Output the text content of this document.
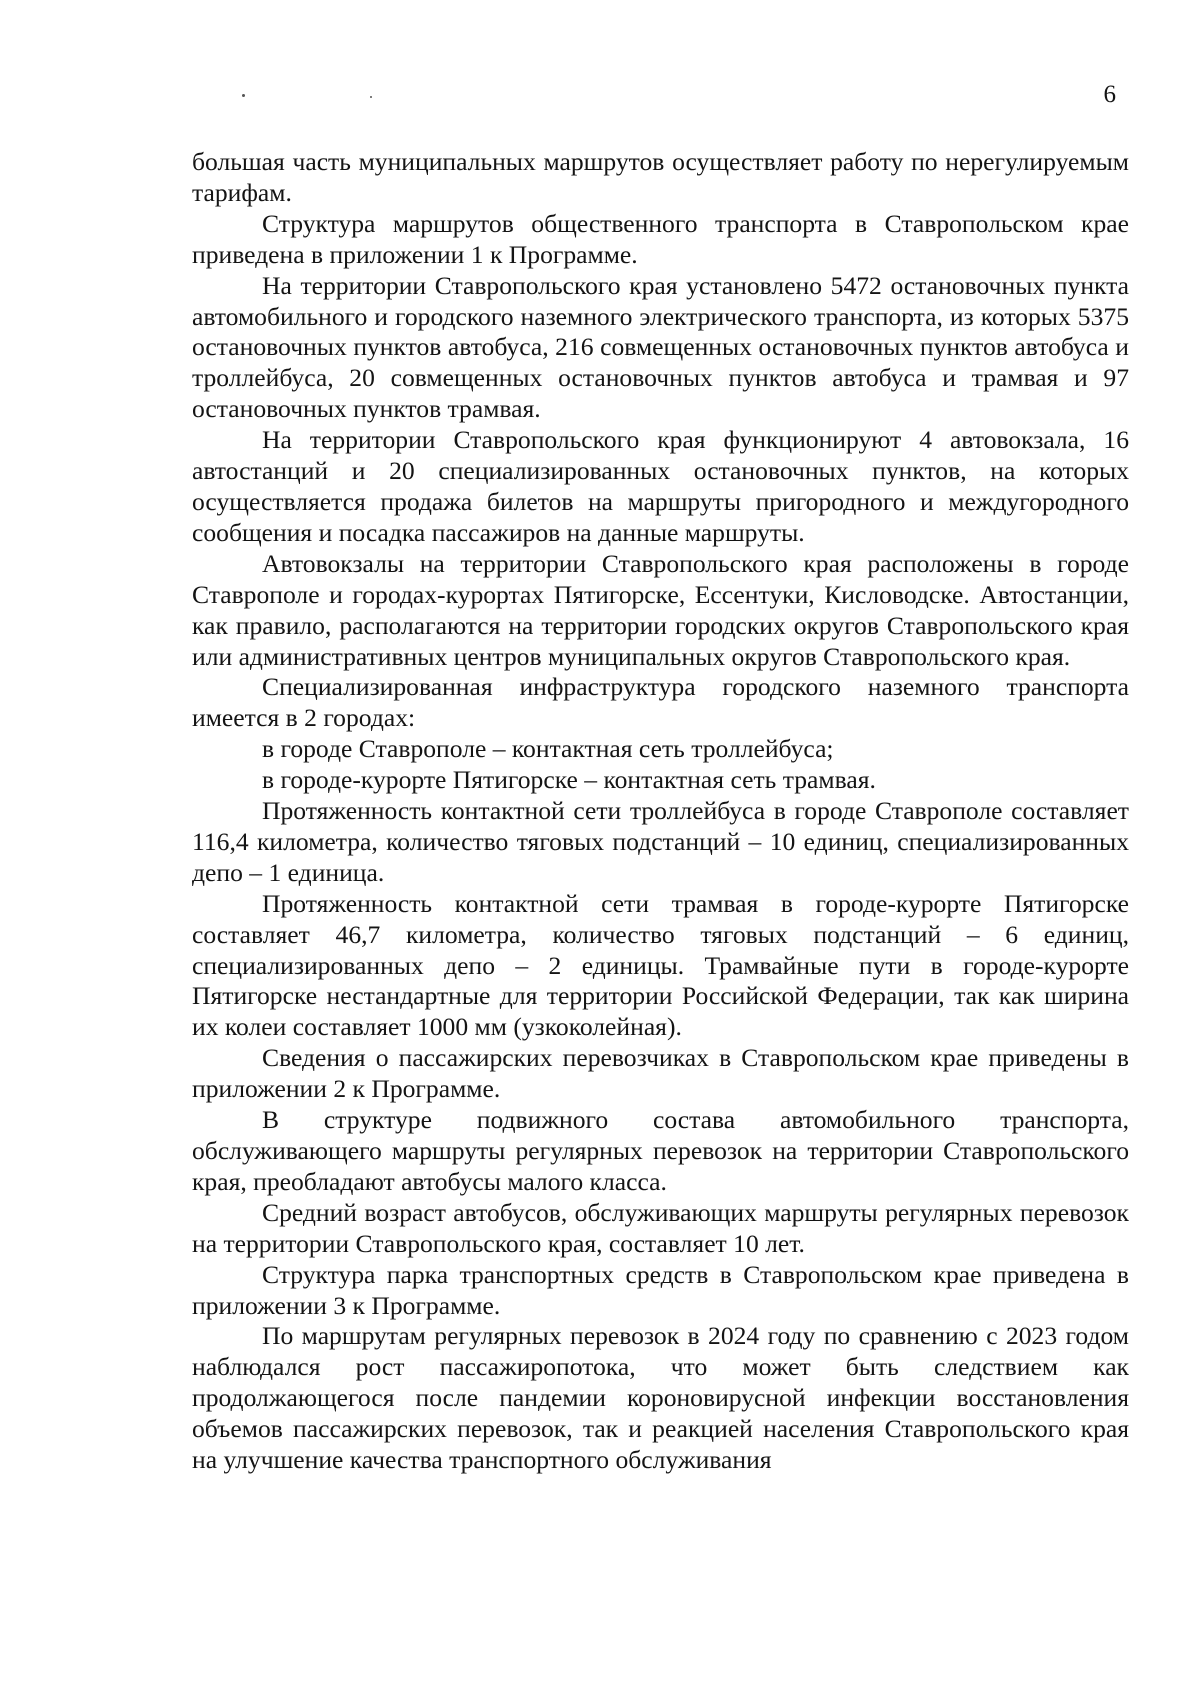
6

большая часть муниципальных маршрутов осуществляет работу по нерегулируемым тарифам.

Структура маршрутов общественного транспорта в Ставропольском крае приведена в приложении 1 к Программе.

На территории Ставропольского края установлено 5472 остановочных пункта автомобильного и городского наземного электрического транспорта, из которых 5375 остановочных пунктов автобуса, 216 совмещенных остановочных пунктов автобуса и троллейбуса, 20 совмещенных остановочных пунктов автобуса и трамвая и 97 остановочных пунктов трамвая.

На территории Ставропольского края функционируют 4 автовокзала, 16 автостанций и 20 специализированных остановочных пунктов, на которых осуществляется продажа билетов на маршруты пригородного и междугородного сообщения и посадка пассажиров на данные маршруты.

Автовокзалы на территории Ставропольского края расположены в городе Ставрополе и городах-курортах Пятигорске, Ессентуки, Кисловодске. Автостанции, как правило, располагаются на территории городских округов Ставропольского края или административных центров муниципальных округов Ставропольского края.

Специализированная инфраструктура городского наземного транспорта имеется в 2 городах:

в городе Ставрополе – контактная сеть троллейбуса;

в городе-курорте Пятигорске – контактная сеть трамвая.

Протяженность контактной сети троллейбуса в городе Ставрополе составляет 116,4 километра, количество тяговых подстанций – 10 единиц, специализированных депо – 1 единица.

Протяженность контактной сети трамвая в городе-курорте Пятигорске составляет 46,7 километра, количество тяговых подстанций – 6 единиц, специализированных депо – 2 единицы. Трамвайные пути в городе-курорте Пятигорске нестандартные для территории Российской Федерации, так как ширина их колеи составляет 1000 мм (узкоколейная).

Сведения о пассажирских перевозчиках в Ставропольском крае приведены в приложении 2 к Программе.

В структуре подвижного состава автомобильного транспорта, обслуживающего маршруты регулярных перевозок на территории Ставропольского края, преобладают автобусы малого класса.

Средний возраст автобусов, обслуживающих маршруты регулярных перевозок на территории Ставропольского края, составляет 10 лет.

Структура парка транспортных средств в Ставропольском крае приведена в приложении 3 к Программе.

По маршрутам регулярных перевозок в 2024 году по сравнению с 2023 годом наблюдался рост пассажиропотока, что может быть следствием как продолжающегося после пандемии короновирусной инфекции восстановления объемов пассажирских перевозок, так и реакцией населения Ставропольского края на улучшение качества транспортного обслуживания
